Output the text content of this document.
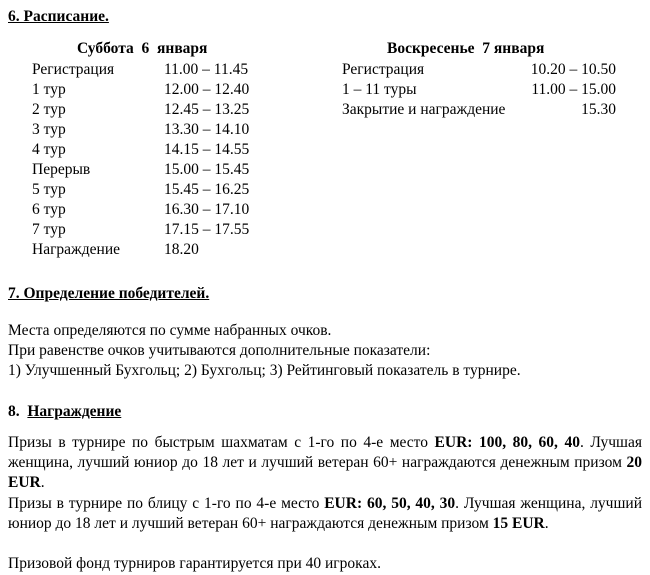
6. Расписание.
Суббота  6  января
Регистрация	11.00 – 11.45
1 тур	12.00 – 12.40
2 тур	12.45 – 13.25
3 тур	13.30 – 14.10
4 тур	14.15 – 14.55
Перерыв	15.00 – 15.45
5 тур	15.45 – 16.25
6 тур	16.30 – 17.10
7 тур	17.15 – 17.55
Награждение	18.20
Воскресенье  7 января
Регистрация	10.20 – 10.50
1 – 11 туры	11.00 – 15.00
Закрытие и награждение	15.30
7. Определение победителей.
Места определяются по сумме набранных очков.
При равенстве очков учитываются дополнительные показатели:
1) Улучшенный Бухгольц; 2) Бухгольц; 3) Рейтинговый показатель в турнире.
8. Награждение

Призы в турнире по быстрым шахматам с 1-го по 4-е место EUR: 100, 80, 60, 40. Лучшая женщина, лучший юниор до 18 лет и лучший ветеран 60+ награждаются денежным призом 20 EUR.

Призы в турнире по блицу с 1-го по 4-е место EUR: 60, 50, 40, 30. Лучшая женщина, лучший юниор до 18 лет и лучший ветеран 60+ награждаются денежным призом 15 EUR.

Призовой фонд турниров гарантируется при 40 игроках.
